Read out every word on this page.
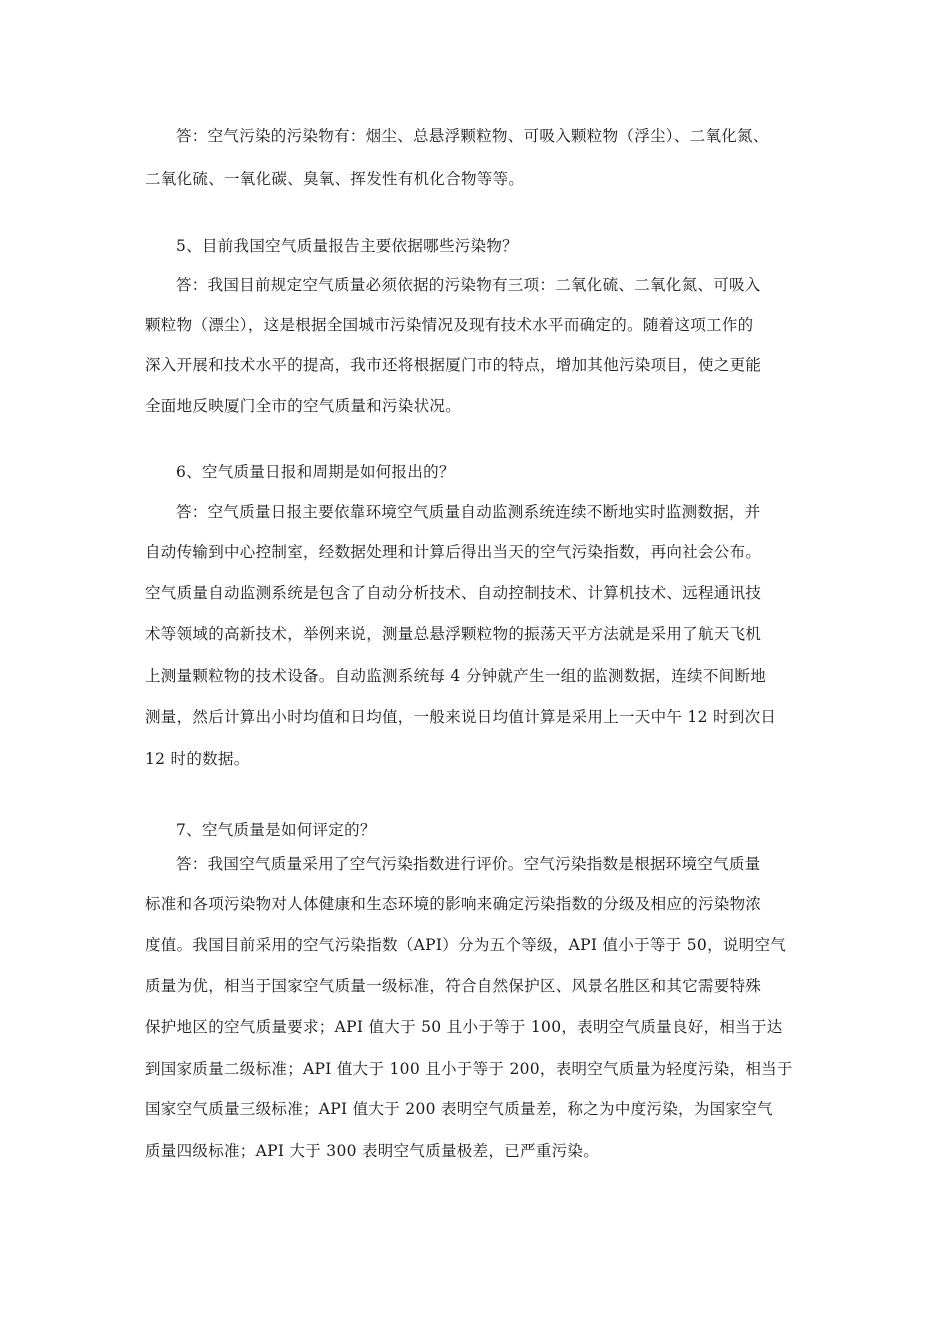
答：空气污染的污染物有：烟尘、总悬浮颗粒物、可吸入颗粒物（浮尘）、二氧化氮、
二氧化硫、一氧化碳、臭氧、挥发性有机化合物等等。
5、目前我国空气质量报告主要依据哪些污染物？
答：我国目前规定空气质量必须依据的污染物有三项：二氧化硫、二氧化氮、可吸入
颗粒物（漂尘），这是根据全国城市污染情况及现有技术水平而确定的。随着这项工作的
深入开展和技术水平的提高，我市还将根据厦门市的特点，增加其他污染项目，使之更能
全面地反映厦门全市的空气质量和污染状况。
6、空气质量日报和周期是如何报出的？
答：空气质量日报主要依靠环境空气质量自动监测系统连续不断地实时监测数据，并
自动传输到中心控制室，经数据处理和计算后得出当天的空气污染指数，再向社会公布。
空气质量自动监测系统是包含了自动分析技术、自动控制技术、计算机技术、远程通讯技
术等领域的高新技术，举例来说，测量总悬浮颗粒物的振荡天平方法就是采用了航天飞机
上测量颗粒物的技术设备。自动监测系统每 4 分钟就产生一组的监测数据，连续不间断地
测量，然后计算出小时均值和日均值，一般来说日均值计算是采用上一天中午 12 时到次日
12 时的数据。
7、空气质量是如何评定的？
答：我国空气质量采用了空气污染指数进行评价。空气污染指数是根据环境空气质量
标准和各项污染物对人体健康和生态环境的影响来确定污染指数的分级及相应的污染物浓
度值。我国目前采用的空气污染指数（API）分为五个等级，API 值小于等于 50，说明空气
质量为优，相当于国家空气质量一级标准，符合自然保护区、风景名胜区和其它需要特殊
保护地区的空气质量要求；API 值大于 50 且小于等于 100，表明空气质量良好，相当于达
到国家质量二级标准；API 值大于 100 且小于等于 200，表明空气质量为轻度污染，相当于
国家空气质量三级标准；API 值大于 200 表明空气质量差，称之为中度污染，为国家空气
质量四级标准；API 大于 300 表明空气质量极差，已严重污染。
